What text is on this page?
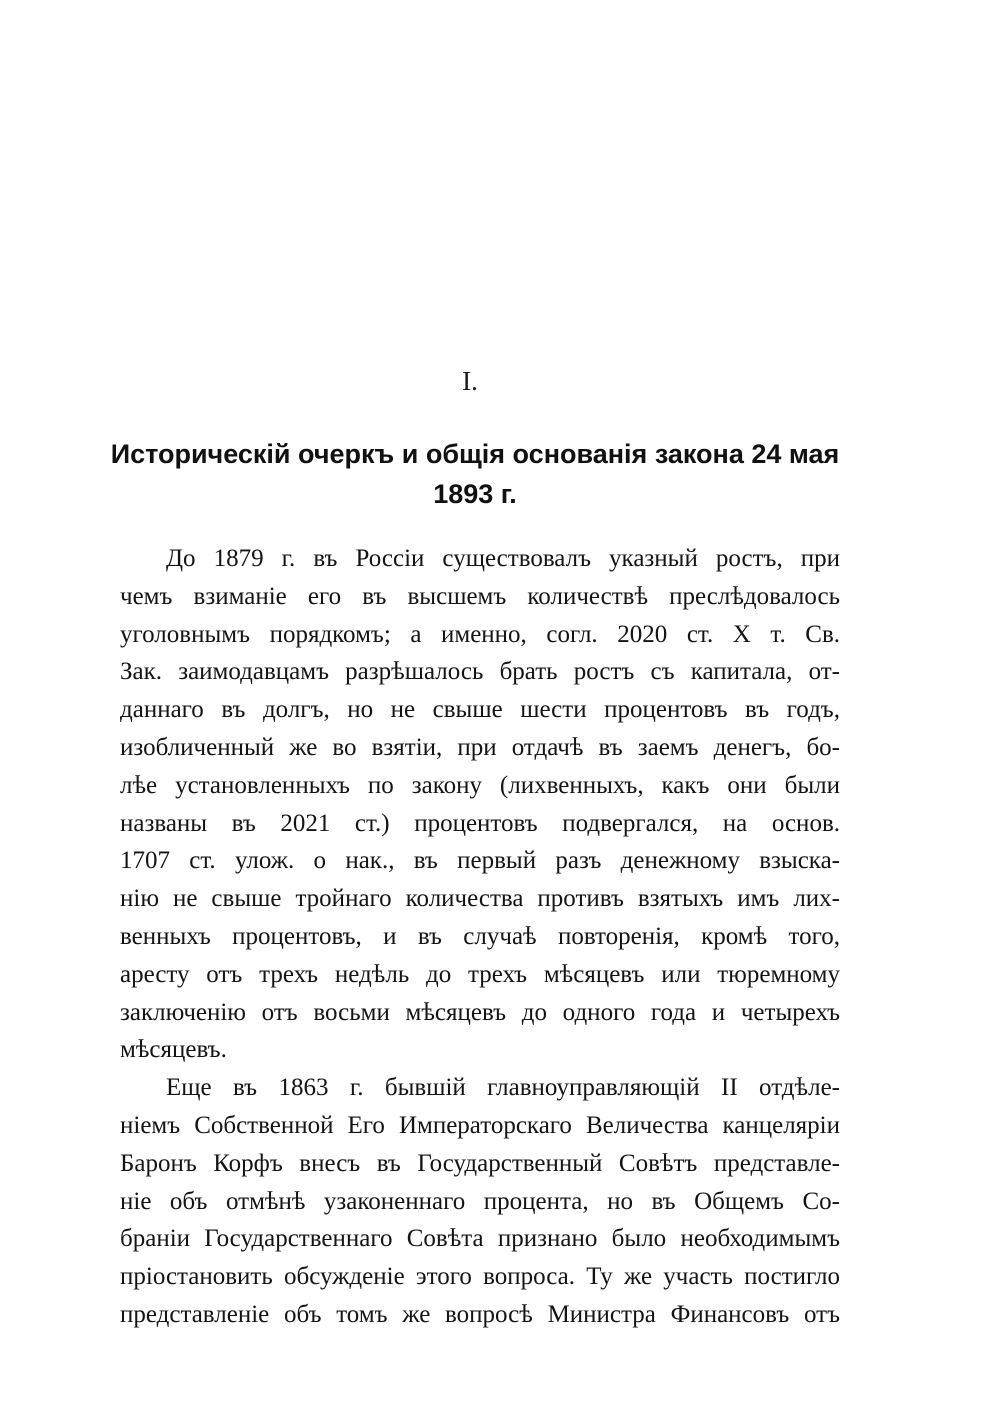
I.
Историческій очеркъ и общія основанія закона 24 мая
1893 г.
До 1879 г. въ Россіи существовалъ указный ростъ, при
чемъ взиманіе его въ высшемъ количествѣ преслѣдовалось
уголовнымъ порядкомъ; а именно, согл. 2020 ст. X т. Св.
Зак. заимодавцамъ разрѣшалось брать ростъ съ капитала, от-
даннаго въ долгъ, но не свыше шести процентовъ въ годъ,
изобличенный же во взятіи, при отдачѣ въ заемъ денегъ, бо-
лѣе установленныхъ по закону (лихвенныхъ, какъ они были
названы въ 2021 ст.) процентовъ подвергался, на основ.
1707 ст. улож. о нак., въ первый разъ денежному взыска-
нію не свыше тройнаго количества противъ взятыхъ имъ лих-
венныхъ процентовъ, и въ случаѣ повторенія, кромѣ того,
аресту отъ трехъ недѣль до трехъ мѣсяцевъ или тюремному
заключенію отъ восьми мѣсяцевъ до одного года и четырехъ
мѣсяцевъ.
Еще въ 1863 г. бывшій главноуправляющій II отдѣле-
ніемъ Собственной Его Императорскаго Величества канцеляріи
Баронъ Корфъ внесъ въ Государственный Совѣтъ представле-
ніе объ отмѣнѣ узаконеннаго процента, но въ Общемъ Со-
браніи Государственнаго Совѣта признано было необходимымъ
пріостановить обсужденіе этого вопроса. Ту же участь постигло
представленіе объ томъ же вопросѣ Министра Финансовъ отъ
